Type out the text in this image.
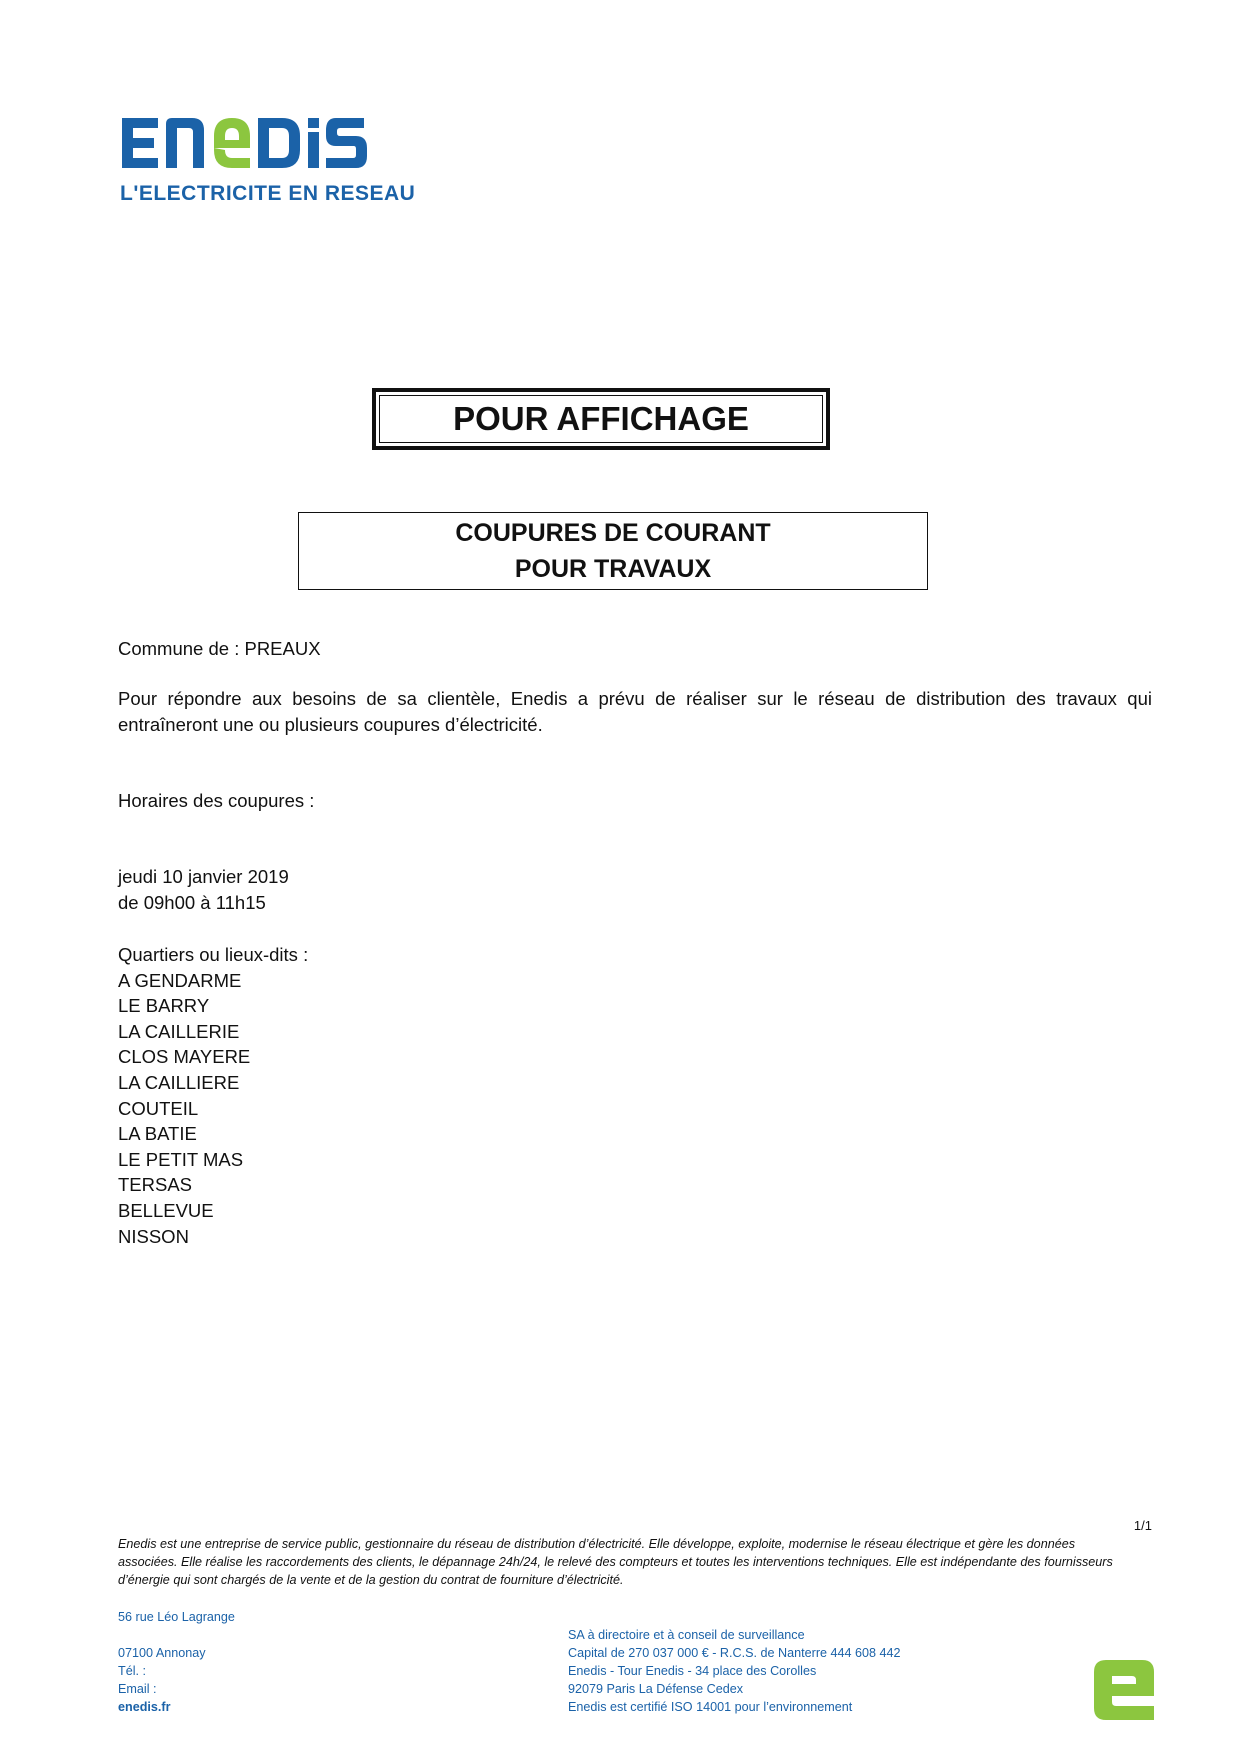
L'ELECTRICITE EN RESEAU
POUR AFFICHAGE
COUPURES DE COURANT
POUR TRAVAUX
Commune de : PREAUX
Pour répondre aux besoins de sa clientèle, Enedis a prévu de réaliser sur le réseau de distribution des travaux qui entraîneront une ou plusieurs coupures d’électricité.
Horaires des coupures :
jeudi 10 janvier 2019
de 09h00 à 11h15
Quartiers ou lieux-dits :
A GENDARME
LE BARRY
LA CAILLERIE
CLOS MAYERE
LA CAILLIERE
COUTEIL
LA BATIE
LE PETIT MAS
TERSAS
BELLEVUE
NISSON
1/1
Enedis est une entreprise de service public, gestionnaire du réseau de distribution d’électricité. Elle développe, exploite, modernise le réseau électrique et gère les données associées. Elle réalise les raccordements des clients, le dépannage 24h/24, le relevé des compteurs et toutes les interventions techniques. Elle est indépendante des fournisseurs d’énergie qui sont chargés de la vente et de la gestion du contrat de fourniture d’électricité.
56 rue Léo Lagrange
07100 Annonay
Tél. :
Email :
enedis.fr
SA à directoire et à conseil de surveillance
Capital de 270 037 000 € - R.C.S. de Nanterre 444 608 442
Enedis - Tour Enedis - 34 place des Corolles
92079 Paris La Défense Cedex
Enedis est certifié ISO 14001 pour l’environnement
